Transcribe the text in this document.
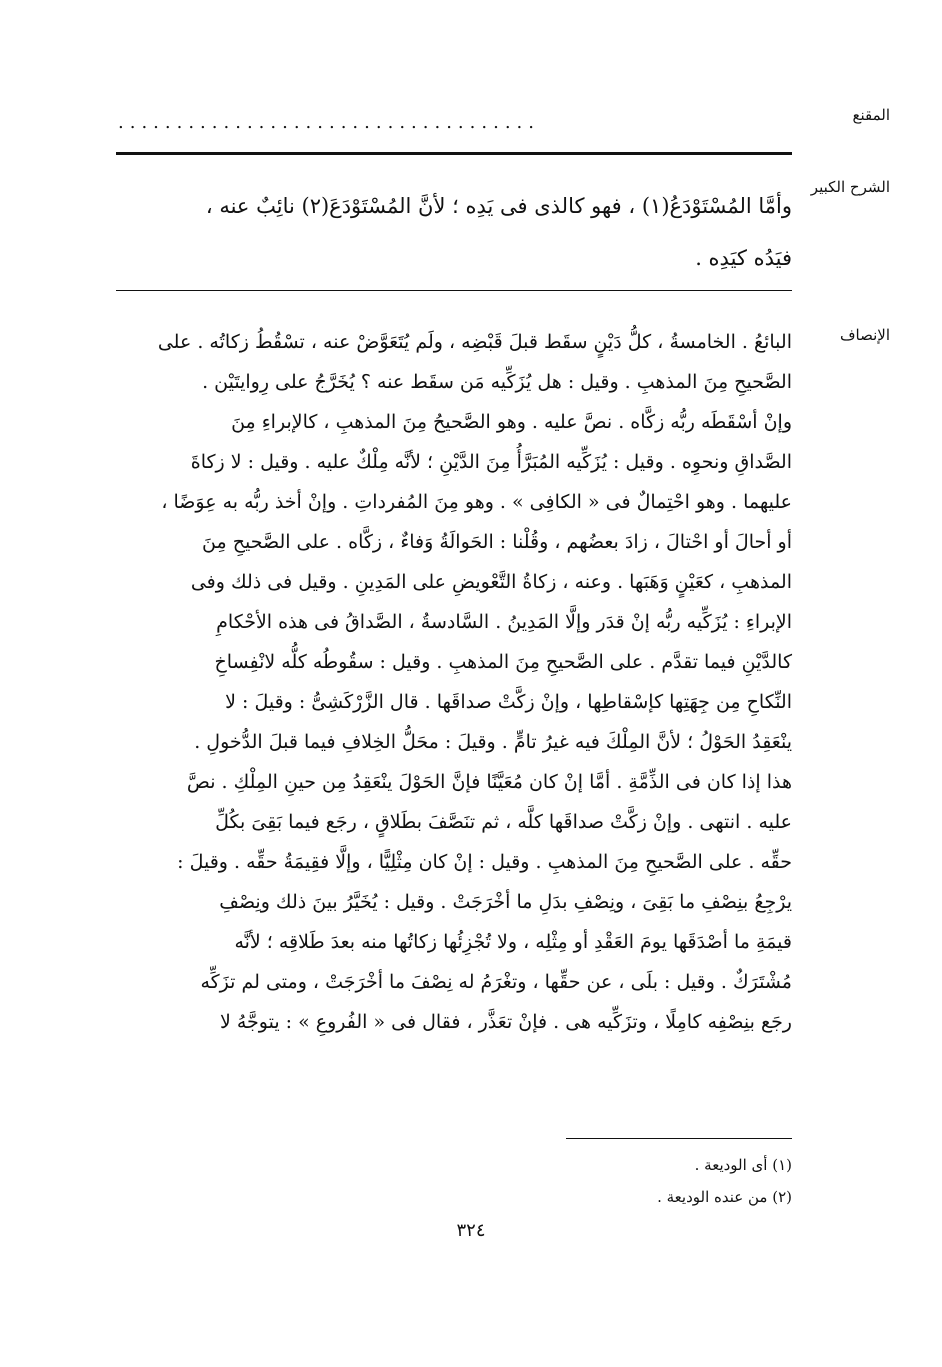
المقنع
....................................
الشرح الكبير

وأمَّا المُسْتَوْدَعُ(١) ، فهو كالذى فى يَدِه ؛ لأنَّ المُسْتَوْدَعَ(٢) نائِبٌ عنه ،

فيَدُه كيَدِه .

الإنصاف

البائعُ . الخامسةُ ، كلُّ دَيْنٍ سقَط قبلَ قَبْضِه ، ولَم يُتَعَوَّضْ عنه ، تسْقُطُ زكاتُه . على

الصَّحيحِ مِنَ المذهبِ . وقيل : هل يُزَكِّيه مَن سقَط عنه ؟ يُخَرَّجُ على رِوايتَيْن .

وإنْ أسْقَطَه ربُّه زكَّاه . نصَّ عليه . وهو الصَّحيحُ مِنَ المذهبِ ، كالإبراءِ مِنَ

الصَّداقِ ونحوِه . وقيل : يُزَكِّيه المُبَرَّأُ مِنَ الدَّيْنِ ؛ لأنَّه مِلْكٌ عليه . وقيل : لا زكاةَ

عليهما . وهو احْتِمالٌ فى « الكافِى » . وهو مِنَ المُفرداتِ . وإنْ أخذ ربُّه به عِوَضًا ،

أو أحالَ أو احْتالَ ، زادَ بعضُهم ، وقُلْنا : الحَوالَةُ وَفاءٌ ، زكَّاه . على الصَّحيحِ مِنَ

المذهبِ ، كعَيْنٍ وَهَبَها . وعنه ، زكاةُ التَّعْويضِ على المَدِينِ . وقيل فى ذلك وفى

الإبراءِ : يُزَكِّيه ربُّه إنْ قدَر وإلَّا المَدِينُ . السَّادسةُ ، الصَّداقُ فى هذه الأحْكامِ

كالدَّيْنِ فيما تقدَّم . على الصَّحيحِ مِنَ المذهبِ . وقيل : سقُوطُه كلُّه لانْفِساخِ

النِّكاحِ مِن جِهَتِها كإسْقاطِها ، وإنْ زكَّتْ صداقَها . قال الزَّرْكَشِىُّ : وقيلَ : لا

ينْعَقِدُ الحَوْلُ ؛ لأنَّ المِلْكَ فيه غيرُ تامٍّ . وقيلَ : محَلُّ الخِلافِ فيما قبلَ الدُّخولِ .

هذا إذا كان فى الذِّمَّةِ . أمَّا إنْ كان مُعَيَّنًا فإنَّ الحَوْلَ ينْعَقِدُ مِن حينِ المِلْكِ . نصَّ

عليه . انتهى . وإنْ زكَّتْ صداقَها كلَّه ، ثم تنَصَّفَ بطَلاقٍ ، رجَع فيما بَقِىَ بكُلِّ

حقِّه . على الصَّحيحِ مِنَ المذهبِ . وقيل : إنْ كان مِثْلِيًّا ، وإلَّا فقِيمَةُ حقِّه . وقيلَ :

يرْجِعُ بنِصْفِ ما بَقِىَ ، ونِصْفِ بدَلِ ما أخْرَجَتْ . وقيل : يُخَيَّرُ بينَ ذلك ونِصْفِ

قيمَةِ ما أصْدَقَها يومَ العَقْدِ أو مِثْلِه ، ولا تُجْزِئُها زكاتُها منه بعدَ طَلاقِه ؛ لأنَّه

مُشْتَرَكٌ . وقيل : بلَى ، عن حقِّها ، وتغْرَمُ له نِصْفَ ما أخْرَجَتْ ، ومتى لم تزَكِّه

رجَع بنِصْفِه كامِلًا ، وتزَكِّيه هى . فإنْ تعَذَّر ، فقال فى « الفُروعِ » : يتوجَّهُ لا

(١) أى الوديعة .
(٢) من عنده الوديعة .
٣٢٤
